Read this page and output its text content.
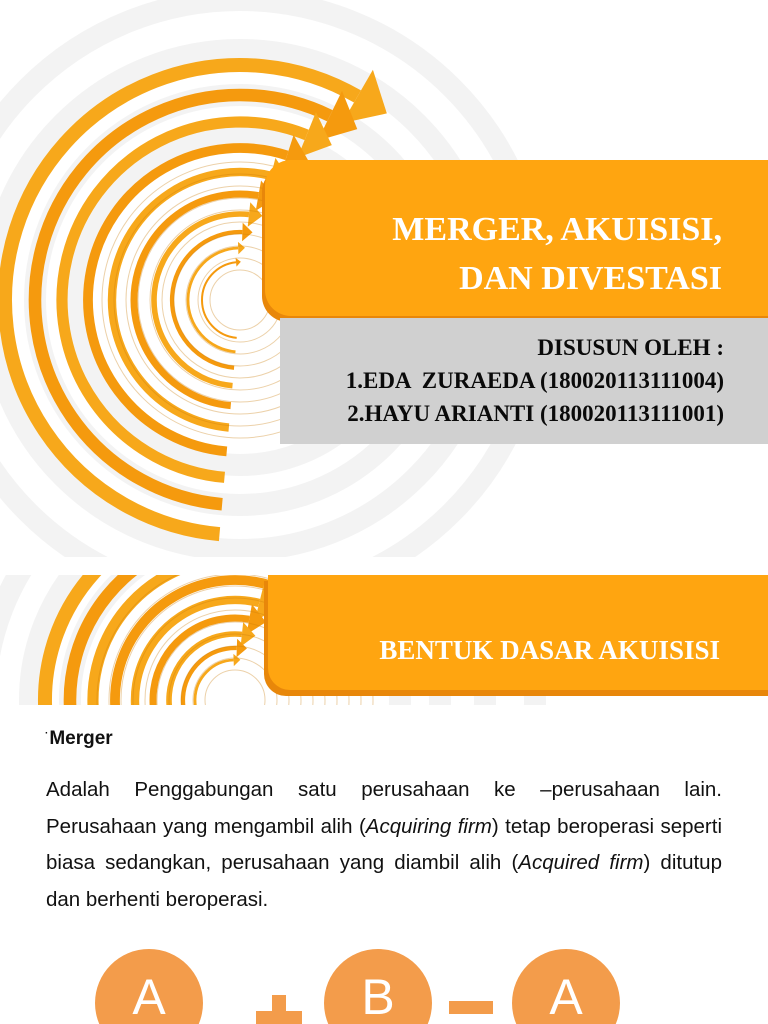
MERGER, AKUISISI,
DAN DIVESTASI
DISUSUN OLEH :
1.EDA  ZURAEDA (180020113111004)
2.HAYU ARIANTI (180020113111001)
BENTUK DASAR AKUISISI
·Merger
Adalah Penggabungan satu perusahaan ke –perusahaan lain. Perusahaan yang mengambil alih (Acquiring firm) tetap beroperasi seperti biasa sedangkan, perusahaan yang diambil alih (Acquired firm) ditutup dan berhenti beroperasi.
A	B	A
